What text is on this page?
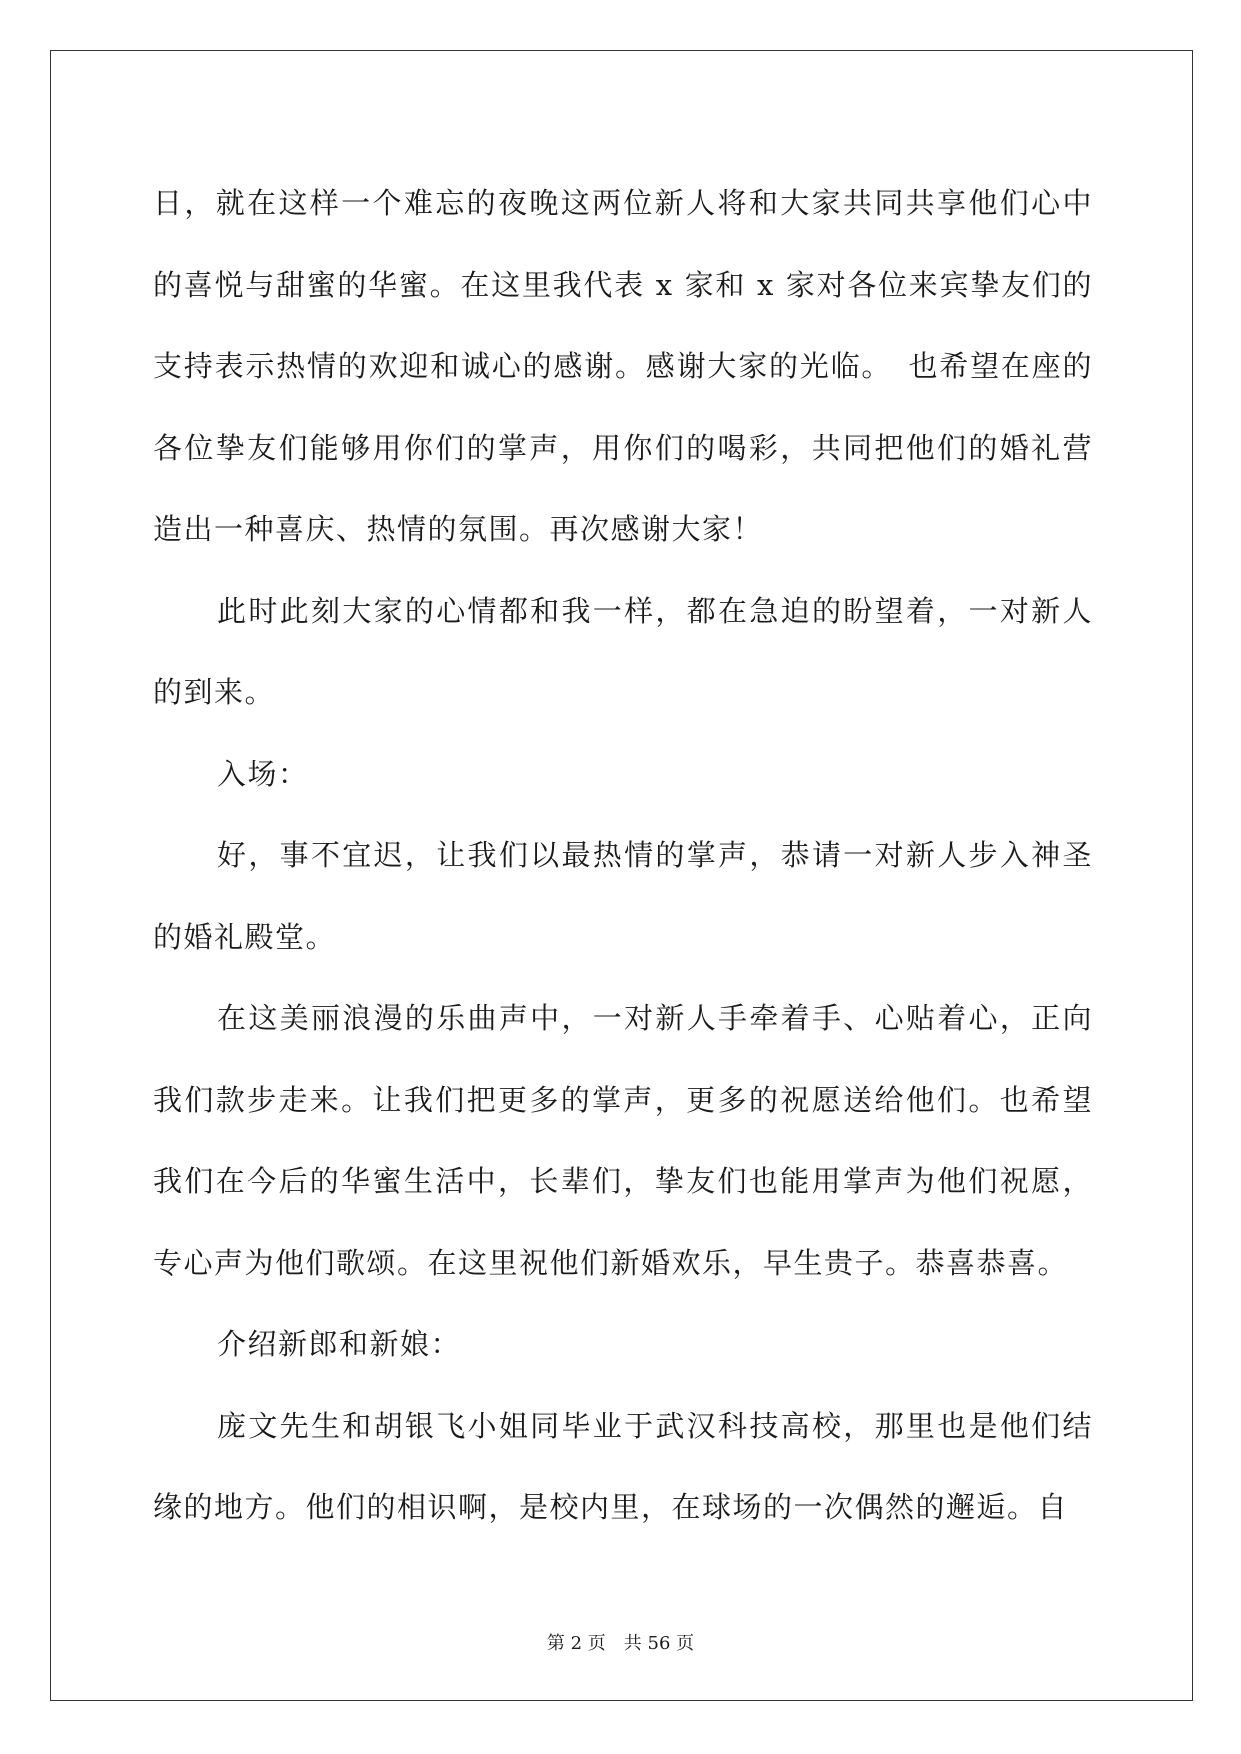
日，就在这样一个难忘的夜晚这两位新人将和大家共同共享他们心中的喜悦与甜蜜的华蜜。在这里我代表 x 家和 x 家对各位来宾挚友们的支持表示热情的欢迎和诚心的感谢。感谢大家的光临。　也希望在座的各位挚友们能够用你们的掌声，用你们的喝彩，共同把他们的婚礼营造出一种喜庆、热情的氛围。再次感谢大家！

此时此刻大家的心情都和我一样，都在急迫的盼望着，一对新人的到来。

入场：

好，事不宜迟，让我们以最热情的掌声，恭请一对新人步入神圣的婚礼殿堂。

在这美丽浪漫的乐曲声中，一对新人手牵着手、心贴着心，正向我们款步走来。让我们把更多的掌声，更多的祝愿送给他们。也希望我们在今后的华蜜生活中，长辈们，挚友们也能用掌声为他们祝愿，专心声为他们歌颂。在这里祝他们新婚欢乐，早生贵子。恭喜恭喜。

介绍新郎和新娘：

庞文先生和胡银飞小姐同毕业于武汉科技高校，那里也是他们结缘的地方。他们的相识啊，是校内里，在球场的一次偶然的邂逅。自

第 2 页　共 56 页
